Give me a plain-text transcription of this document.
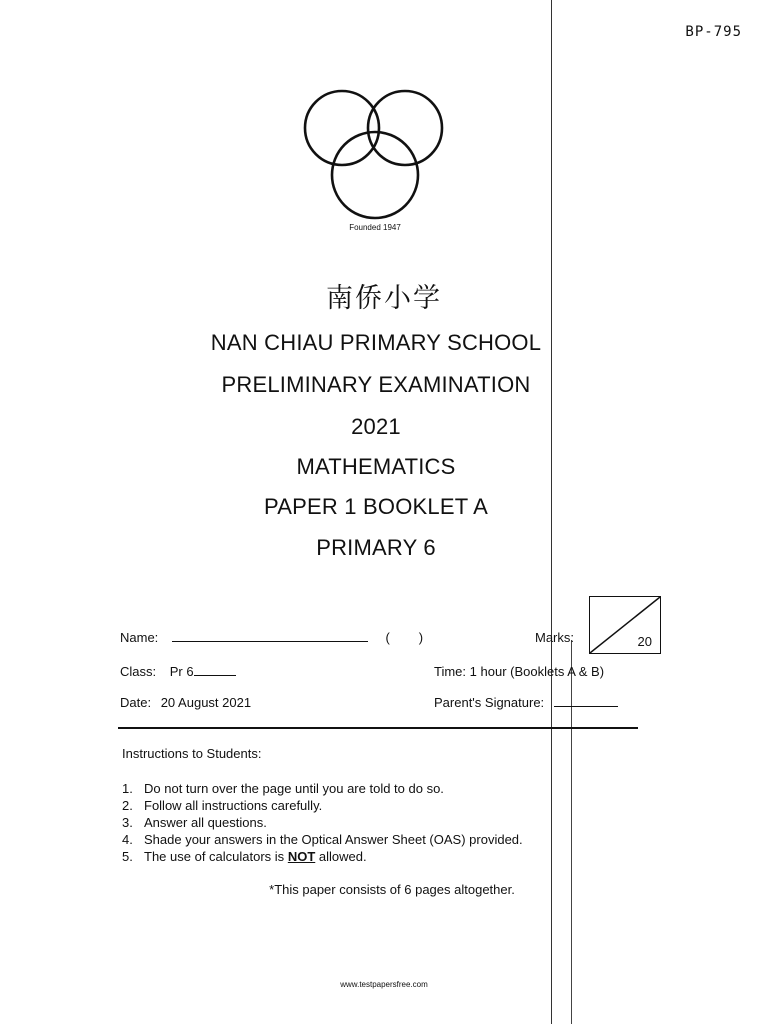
BP-795
Founded 1947
南侨小学
NAN CHIAU PRIMARY SCHOOL
PRELIMINARY EXAMINATION
2021
MATHEMATICS
PAPER 1 BOOKLET A
PRIMARY 6
Name:	(        )	Marks:	20
Class: Pr 6	Time: 1 hour (Booklets A & B)
Date: 20 August 2021	Parent's Signature:
Instructions to Students:
1. Do not turn over the page until you are told to do so.
2. Follow all instructions carefully.
3. Answer all questions.
4. Shade your answers in the Optical Answer Sheet (OAS) provided.
5. The use of calculators is NOT allowed.
*This paper consists of 6 pages altogether.
www.testpapersfree.com
